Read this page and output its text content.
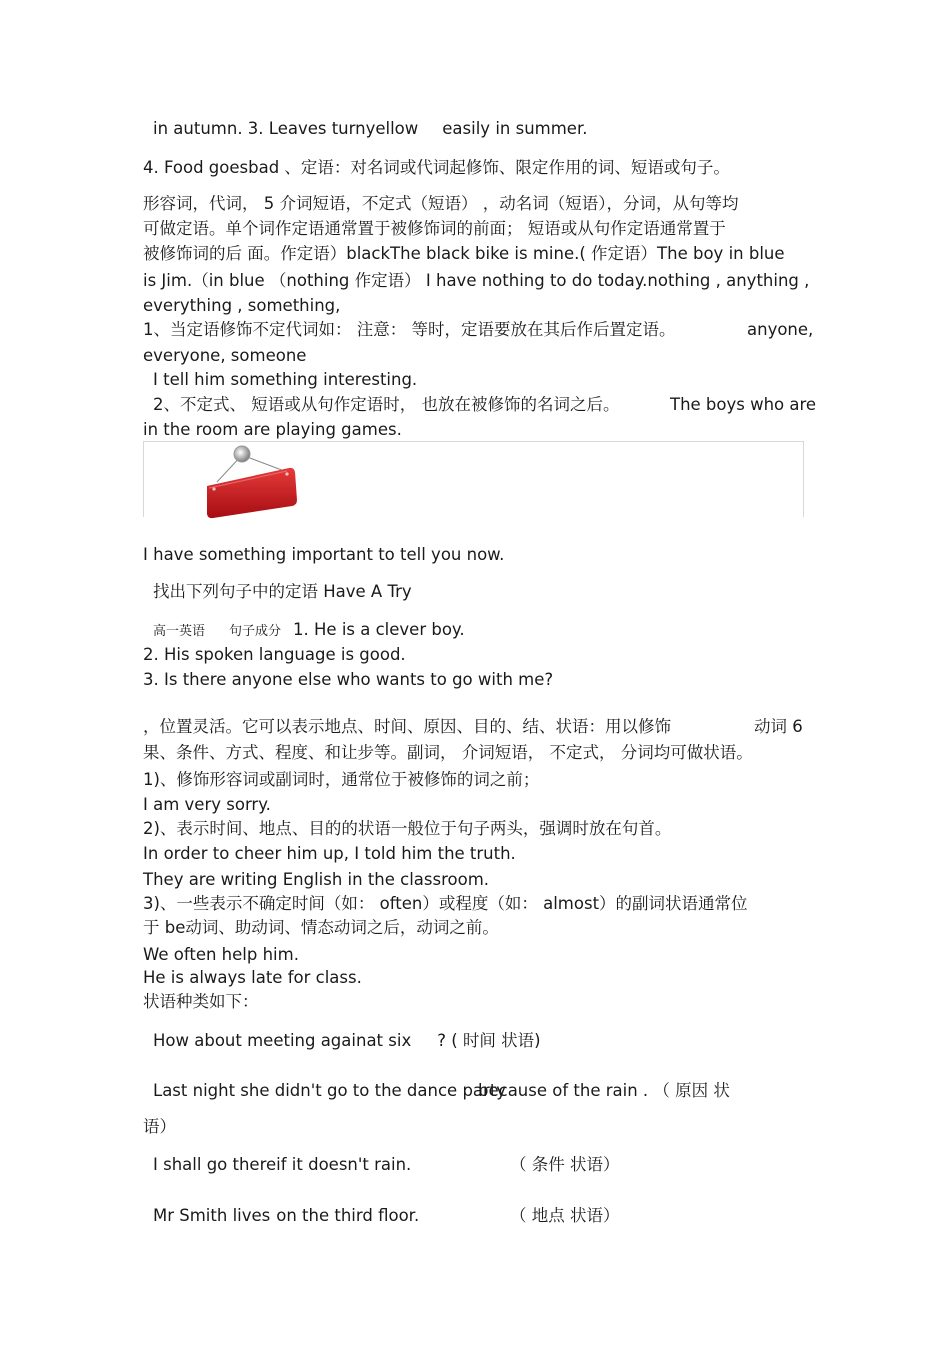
in autumn. 3. Leaves turnyellow easily in summer.
4. Food goesbad 、定语：对名词或代词起修饰、限定作用的词、短语或句子。
形容词，代词， 5 介词短语，不定式（短语） ，动名词（短语），分词，从句等均
可做定语。单个词作定语通常置于被修饰词的前面； 短语或从句作定语通常置于
被修饰词的后 面。作定语）blackThe black bike is mine.( 作定语）The boy in blue
is Jim.（in blue （nothing 作定语） I have nothing to do today.nothing , anything ,
everything , something,
1、当定语修饰不定代词如： 注意： 等时，定语要放在其后作后置定语。	anyone,
everyone, someone
I tell him something interesting.
2、不定式、 短语或从句作定语时， 也放在被修饰的名词之后。	The boys who are
in the room are playing games.
I have something important to tell you now.
找出下列句子中的定语 Have A Try
高一英语 句子成分 1. He is a clever boy.
2. His spoken language is good.
3. Is there anyone else who wants to go with me?
，位置灵活。它可以表示地点、时间、原因、目的、结、状语：用以修饰	动词 6
果、条件、方式、程度、和让步等。副词， 介词短语， 不定式， 分词均可做状语。
1)、修饰形容词或副词时，通常位于被修饰的词之前；
I am very sorry.
2)、表示时间、地点、目的的状语一般位于句子两头，强调时放在句首。
In order to cheer him up, I told him the truth.
They are writing English in the classroom.
3)、一些表示不确定时间（如： often）或程度（如： almost）的副词状语通常位
于 be动词、助动词、情态动词之后，动词之前。
We often help him.
He is always late for class.
状语种类如下：
How about meeting againat six ? ( 时间 状语)
Last night she didn't go to the dance party
because of the rain . （ 原因 状
语）
I shall go thereif it doesn't rain.	（ 条件 状语）
Mr Smith lives on the third floor.	（ 地点 状语）
